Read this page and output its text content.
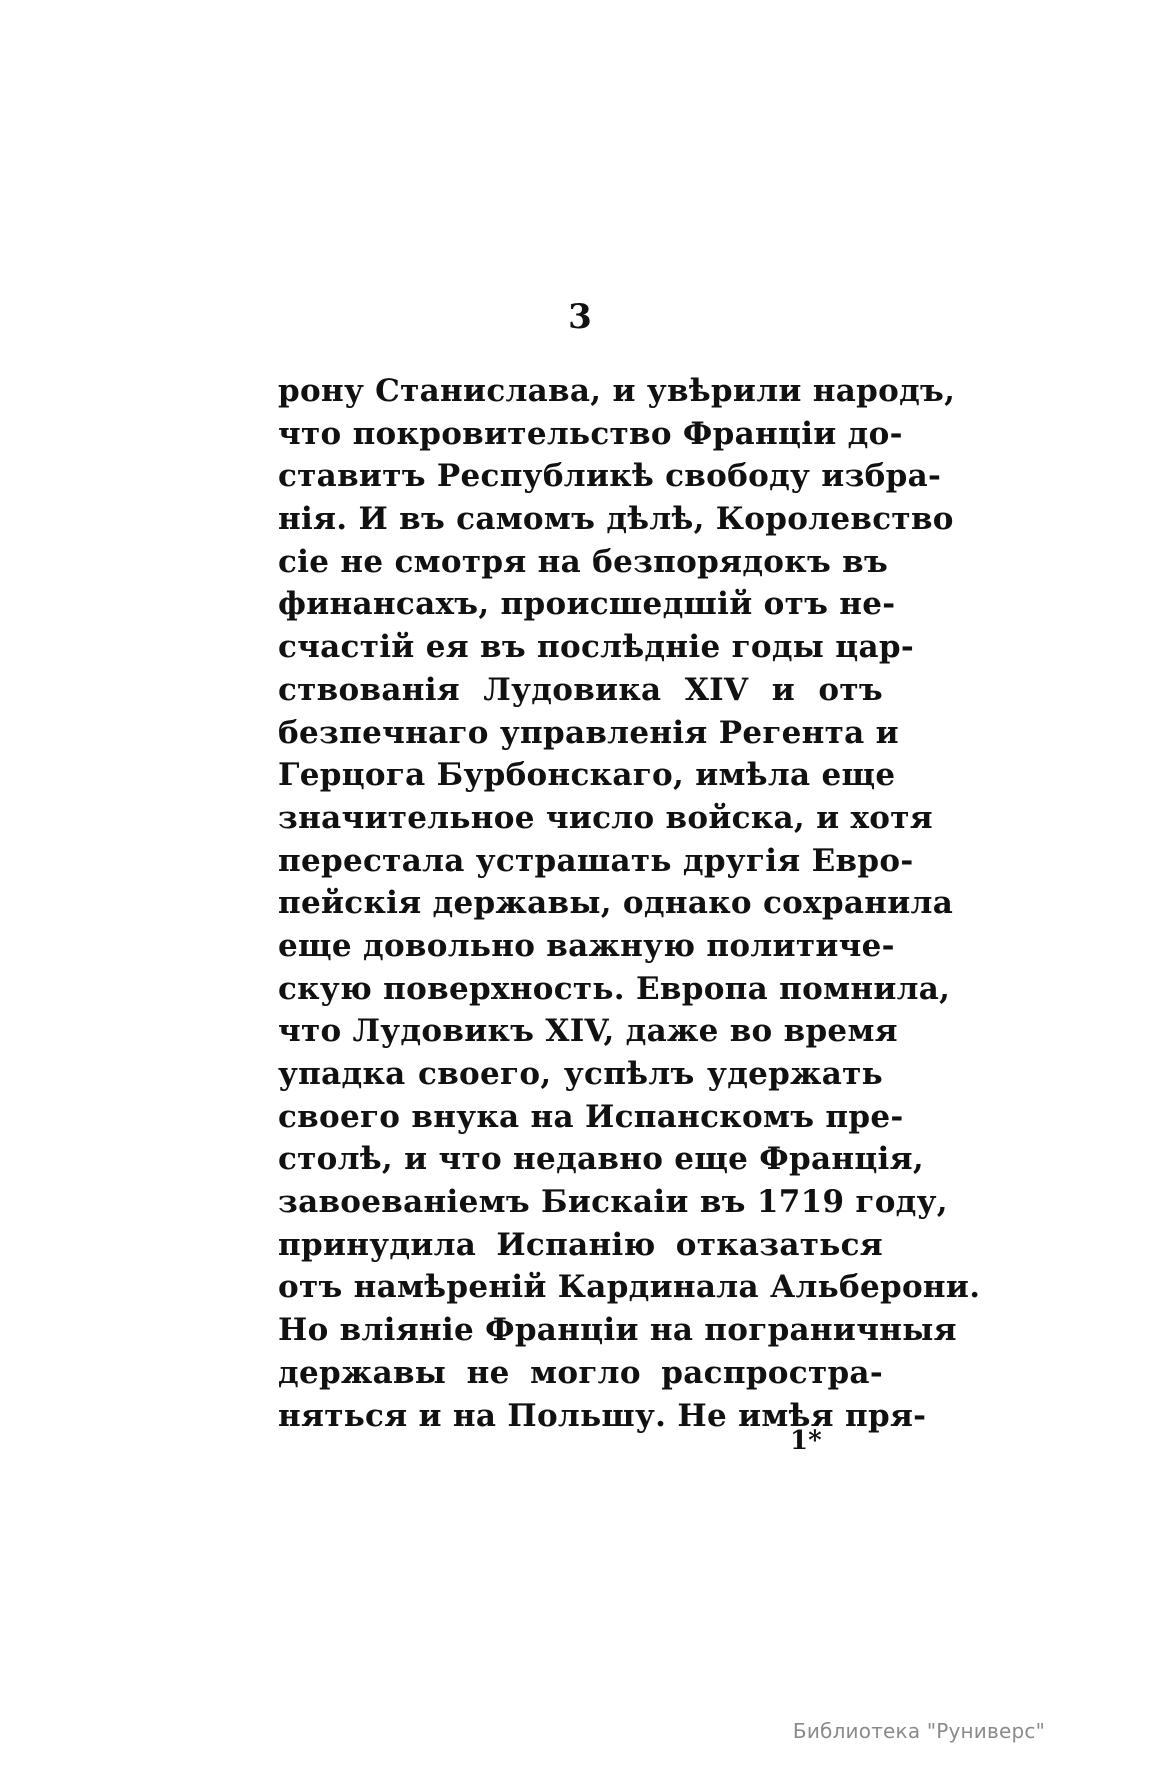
3
рону Станислава, и увѣрили народъ,
что покровительство Франціи до-
ставитъ Республикѣ свободу избра-
нія. И въ самомъ дѣлѣ, Королевство
сіе не смотря на безпорядокъ въ
финансахъ, происшедшій отъ не-
счастій ея въ послѣдніе годы цар-
ствованія Лудовика XIV и отъ
безпечнаго управленія Регента и
Герцога Бурбонскаго, имѣла еще
значительное число войска, и хотя
перестала устрашать другія Евро-
пейскія державы, однако сохранила
еще довольно важную политиче-
скую поверхность. Европа помнила,
что Лудовикъ XIV, даже во время
упадка своего, успѣлъ удержать
своего внука на Испанскомъ пре-
столѣ, и что недавно еще Франція,
завоеваніемъ Бискаіи въ 1719 году,
принудила Испанію отказаться
отъ намѣреній Кардинала Альберони.
Но вліяніе Франціи на пограничныя
державы не могло распростра-
няться и на Польшу. Не имѣя пря-
1*
Библиотека "Руниверс"
